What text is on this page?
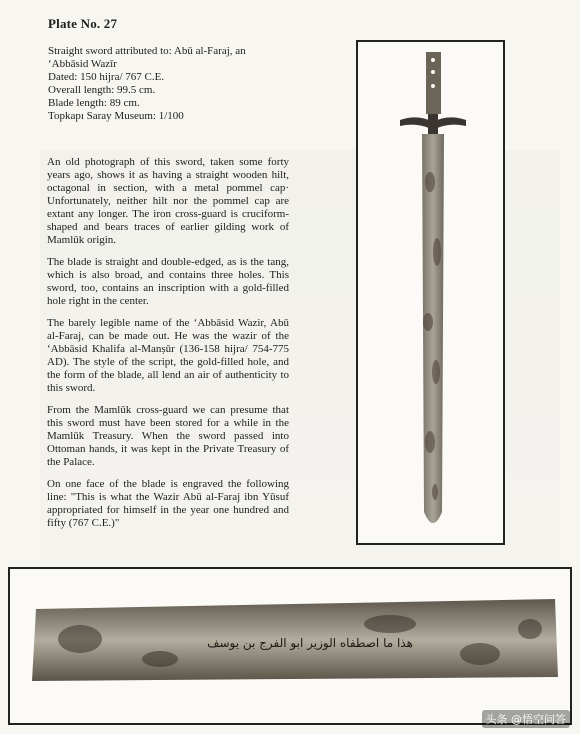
Plate No. 27
Straight sword attributed to: Abū al-Faraj, an
‘Abbāsid Wazīr
Dated: 150 hijra/ 767 C.E.
Overall length: 99.5 cm.
Blade length: 89 cm.
Topkapı Saray Museum: 1/100

An old photograph of this sword, taken some forty years ago, shows it as having a straight wooden hilt, octagonal in section, with a metal pommel cap· Unfortunately, neither hilt nor the pommel cap are extant any longer. The iron cross-guard is cruciform-shaped and bears traces of earlier gilding work of Mamlūk origin.

The blade is straight and double-edged, as is the tang, which is also broad, and contains three holes. This sword, too, contains an inscription with a gold-filled hole right in the center.

The barely legible name of the ‘Abbāsid Wazir, Abū al-Faraj, can be made out. He was the wazir of the ‘Abbāsid Khalifa al-Manṣūr (136-158 hijra/ 754-775 AD). The style of the script, the gold-filled hole, and the form of the blade, all lend an air of authenticity to this sword.

From the Mamlūk cross-guard we can presume that this sword must have been stored for a while in the Mamlūk Treasury. When the sword passed into Ottoman hands, it was kept in the Private Treasury of the Palace.

On one face of the blade is engraved the following line: "This is what the Wazir Abū al-Faraj ibn Yūsuf appropriated for himself in the year one hundred and fifty (767 C.E.)"

هذا ما اصطفاه الوزير ابو الفرج بن يوسف
头条 @悟空问答
